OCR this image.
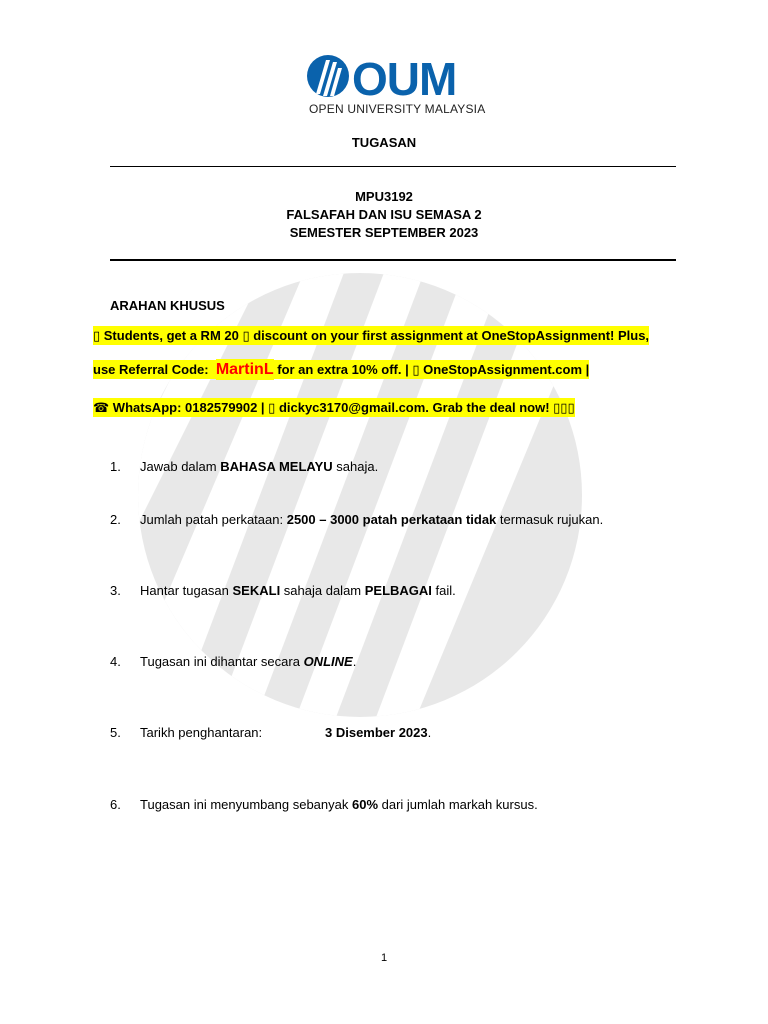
OUM
OPEN UNIVERSITY MALAYSIA
TUGASAN
MPU3192
FALSAFAH DAN ISU SEMASA 2
SEMESTER SEPTEMBER 2023
ARAHAN KHUSUS
▯ Students, get a RM 20 ▯ discount on your first assignment at OneStopAssignment! Plus,
use Referral Code: MartinL for an extra 10% off. | ▯ OneStopAssignment.com |
☎ WhatsApp: 0182579902 | ▯ dickyc3170@gmail.com. Grab the deal now! ▯▯▯
1. Jawab dalam BAHASA MELAYU sahaja.
2. Jumlah patah perkataan: 2500 – 3000 patah perkataan tidak termasuk rujukan.
3. Hantar tugasan SEKALI sahaja dalam PELBAGAI fail.
4. Tugasan ini dihantar secara ONLINE.
5. Tarikh penghantaran:	3 Disember 2023.
6. Tugasan ini menyumbang sebanyak 60% dari jumlah markah kursus.
1
